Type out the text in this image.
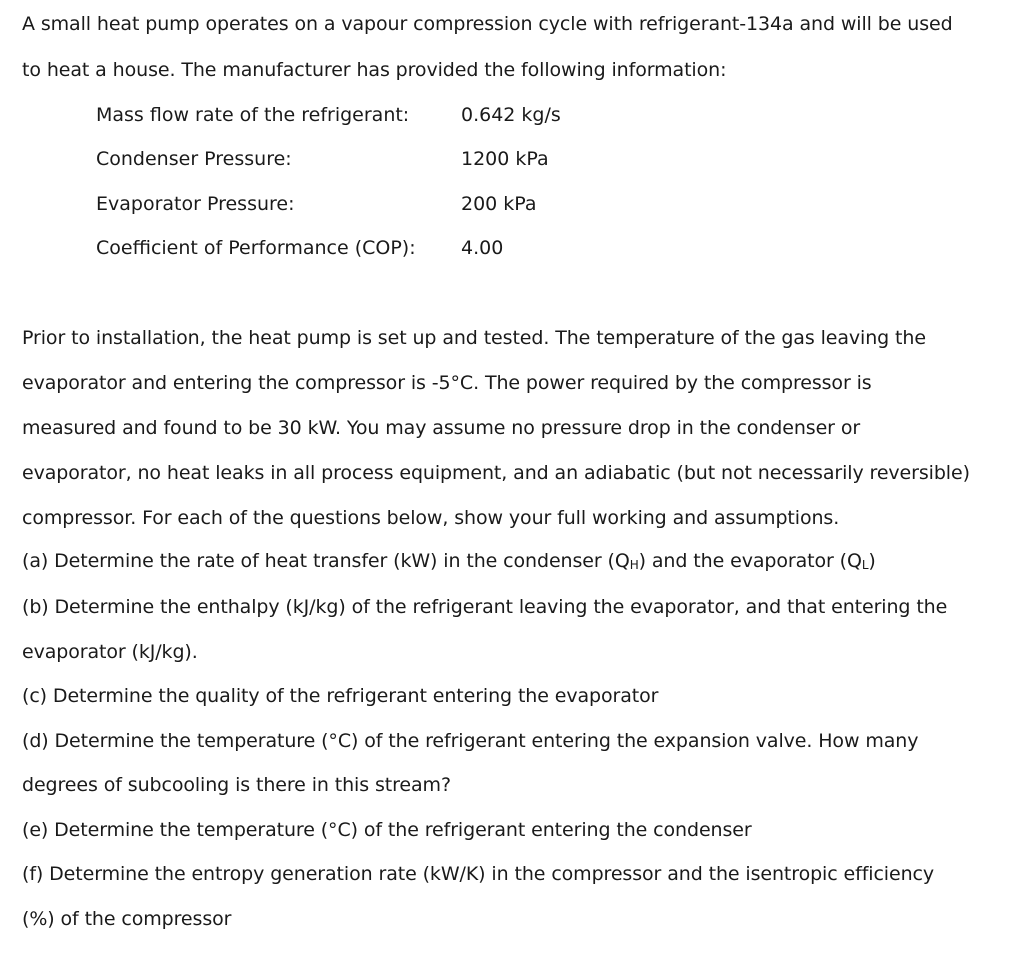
A small heat pump operates on a vapour compression cycle with refrigerant-134a and will be used
to heat a house. The manufacturer has provided the following information:
Mass flow rate of the refrigerant:	0.642 kg/s
Condenser Pressure:	1200 kPa
Evaporator Pressure:	200 kPa
Coefficient of Performance (COP): 4.00
Prior to installation, the heat pump is set up and tested. The temperature of the gas leaving the
evaporator and entering the compressor is -5°C. The power required by the compressor is
measured and found to be 30 kW. You may assume no pressure drop in the condenser or
evaporator, no heat leaks in all process equipment, and an adiabatic (but not necessarily reversible)
compressor. For each of the questions below, show your full working and assumptions.
(a) Determine the rate of heat transfer (kW) in the condenser (QH) and the evaporator (QL)
(b) Determine the enthalpy (kJ/kg) of the refrigerant leaving the evaporator, and that entering the
evaporator (kJ/kg).
(c) Determine the quality of the refrigerant entering the evaporator
(d) Determine the temperature (°C) of the refrigerant entering the expansion valve. How many
degrees of subcooling is there in this stream?
(e) Determine the temperature (°C) of the refrigerant entering the condenser
(f) Determine the entropy generation rate (kW/K) in the compressor and the isentropic efficiency
(%) of the compressor
